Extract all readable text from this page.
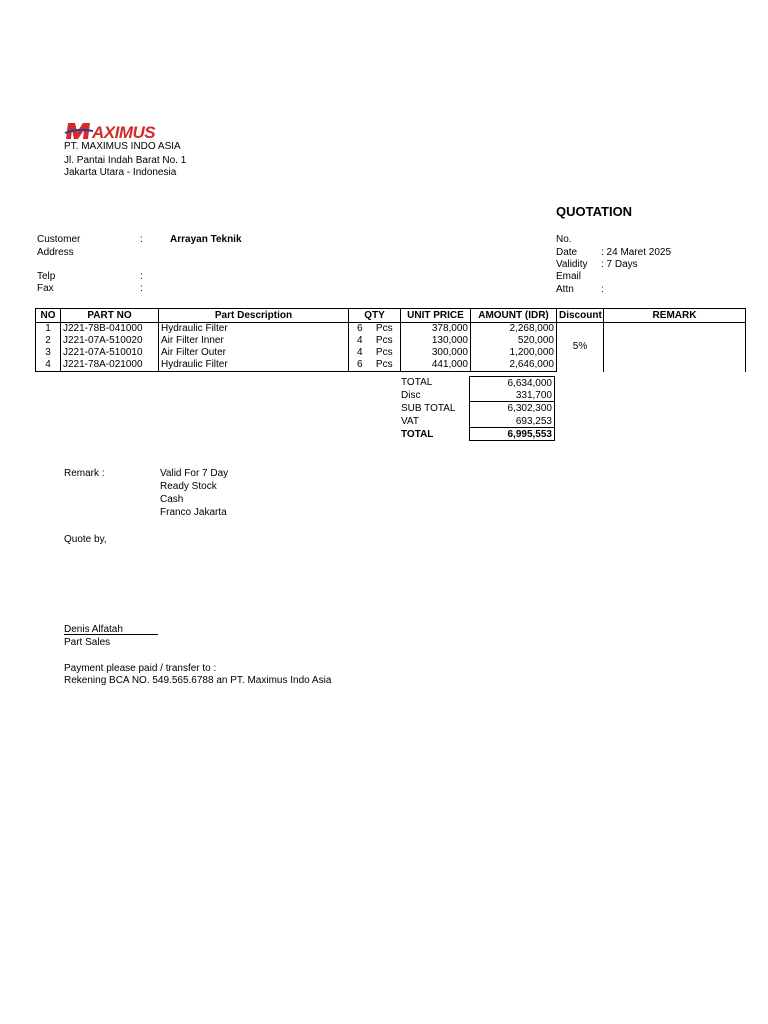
AXIMUS
PT. MAXIMUS INDO ASIA
Jl. Pantai Indah Barat No. 1
Jakarta Utara - Indonesia
QUOTATION
Customer	:	Arrayan Teknik
Address
Telp	:
Fax	:
No.
Date : 24 Maret 2025
Validity : 7 Days
Email
Attn	:
NO	PART NO	Part Description	QTY		UNIT PRICE	AMOUNT (IDR)	Discount	REMARK
1	J221-78B-041000	Hydraulic Filter	6	Pcs	378,000	2,268,000	5%	
2	J221-07A-510020	Air Filter Inner	4	Pcs	130,000	520,000		
3	J221-07A-510010	Air Filter Outer	4	Pcs	300,000	1,200,000		
4	J221-78A-021000	Hydraulic Filter	6	Pcs	441,000	2,646,000		
TOTAL	6,634,000
Disc	331,700
SUB TOTAL	6,302,300
VAT	693,253
TOTAL	6,995,553
Remark :	Valid For 7 Day
Ready Stock
Cash
Franco Jakarta
Quote by,
Denis Alfatah
Part Sales
Payment please paid / transfer to :
Rekening BCA NO. 549.565.6788 an PT. Maximus Indo Asia
